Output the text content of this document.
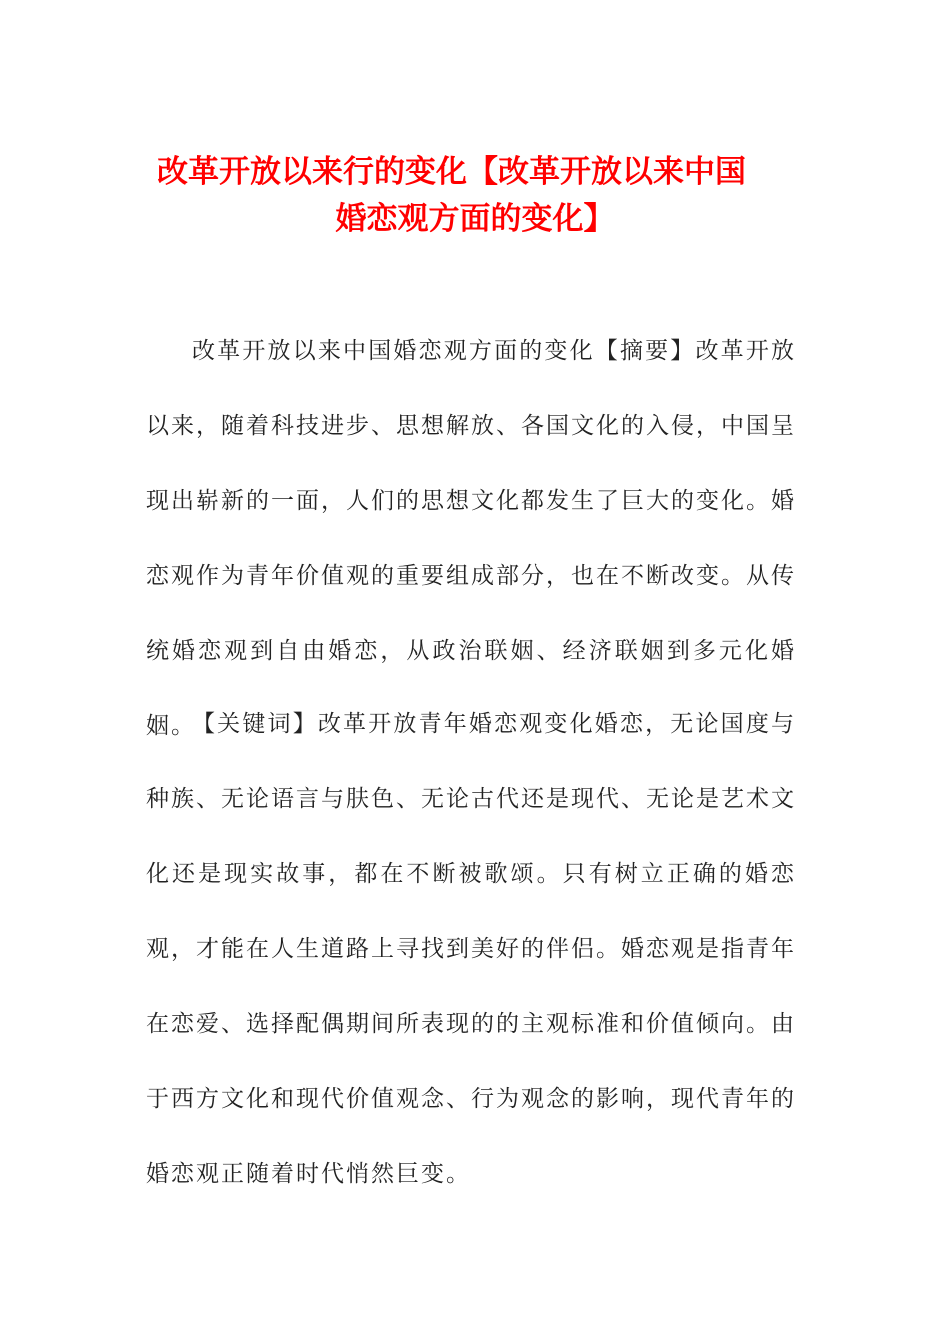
改革开放以来行的变化【改革开放以来中国
婚恋观方面的变化】

改革开放以来中国婚恋观方面的变化【摘要】改革开放以来，随着科技进步、思想解放、各国文化的入侵，中国呈现出崭新的一面，人们的思想文化都发生了巨大的变化。婚恋观作为青年价值观的重要组成部分，也在不断改变。从传统婚恋观到自由婚恋，从政治联姻、经济联姻到多元化婚姻。

【关键词】改革开放青年婚恋观变化婚恋，无论国度与种族、无论语言与肤色、无论古代还是现代、无论是艺术文化还是现实故事，都在不断被歌颂。只有树立正确的婚恋观，才能在人生道路上寻找到美好的伴侣。婚恋观是指青年在恋爱、选择配偶期间所表现的的主观标准和价值倾向。由于西方文化和现代价值观念、行为观念的影响，现代青年的婚恋观正随着时代悄然巨变。
